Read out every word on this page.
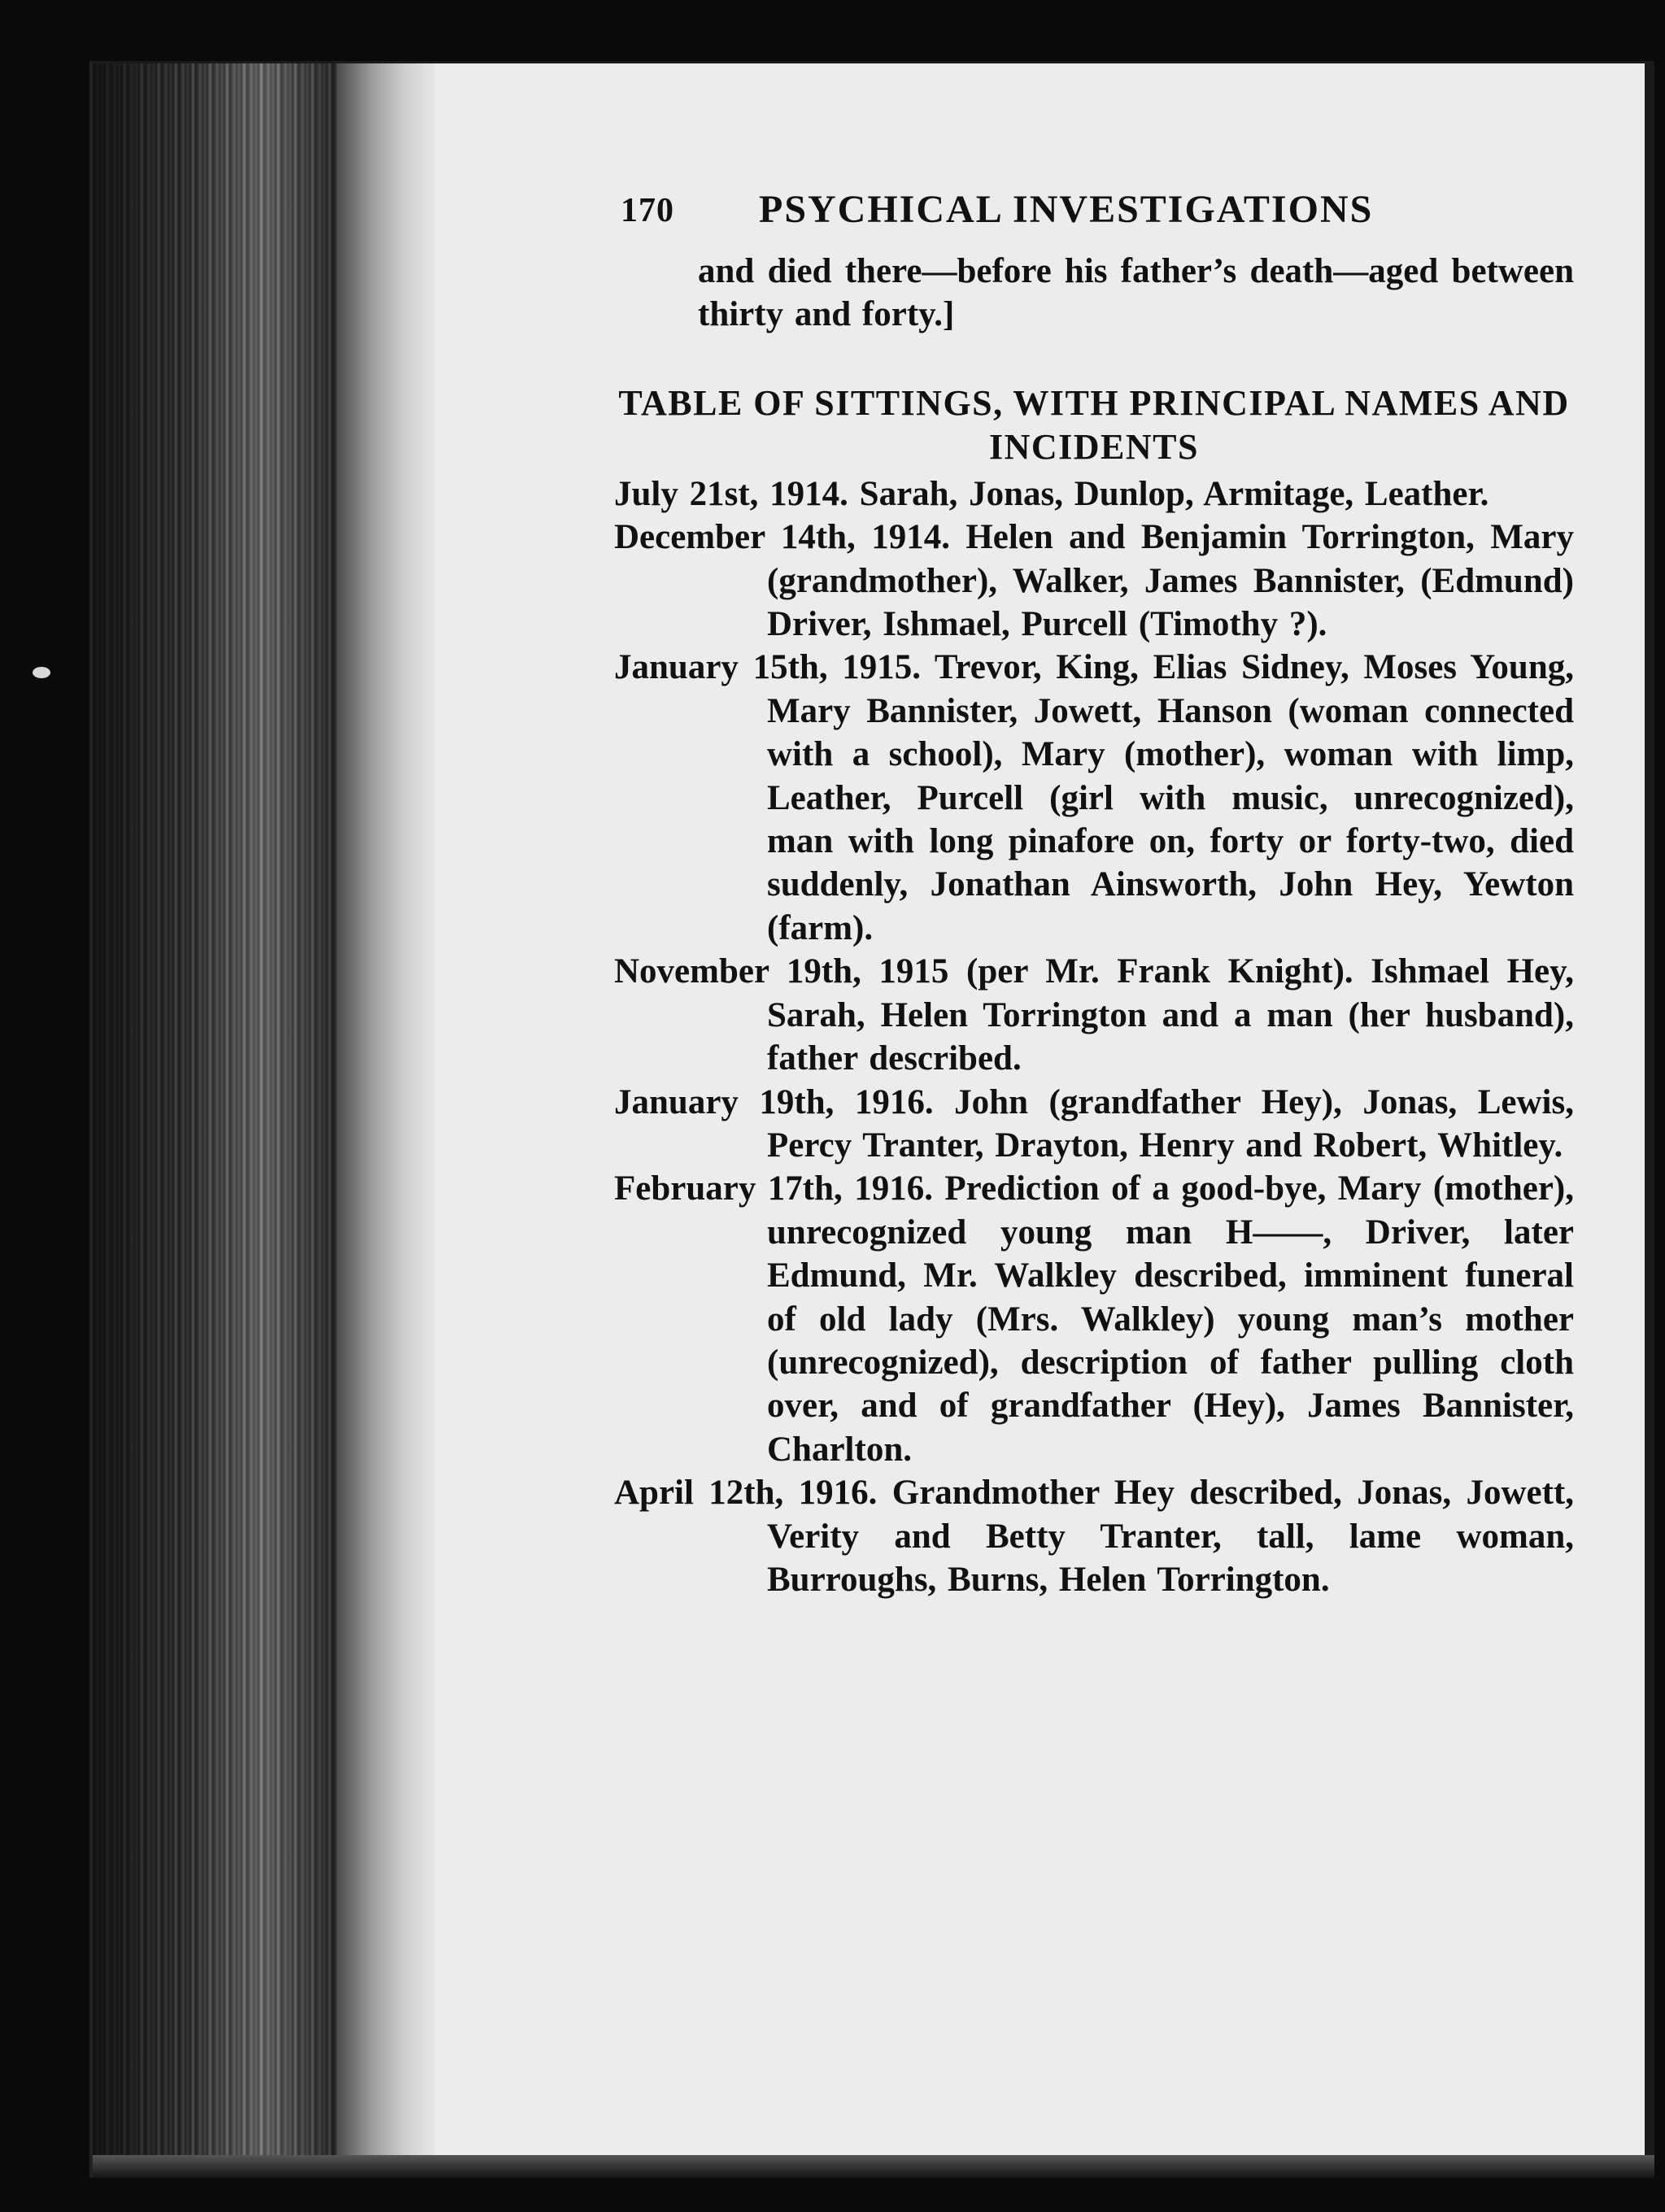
170 PSYCHICAL INVESTIGATIONS
and died there—before his father’s death—aged between thirty and forty.]
TABLE OF SITTINGS, WITH PRINCIPAL NAMES AND INCIDENTS

July 21st, 1914. Sarah, Jonas, Dunlop, Armitage, Leather.

December 14th, 1914. Helen and Benjamin Torrington, Mary (grandmother), Walker, James Bannister, (Edmund) Driver, Ishmael, Purcell (Timothy ?).

January 15th, 1915. Trevor, King, Elias Sidney, Moses Young, Mary Bannister, Jowett, Hanson (woman connected with a school), Mary (mother), woman with limp, Leather, Purcell (girl with music, unrecognized), man with long pinafore on, forty or forty-two, died suddenly, Jonathan Ainsworth, John Hey, Yewton (farm).

November 19th, 1915 (per Mr. Frank Knight). Ishmael Hey, Sarah, Helen Torrington and a man (her husband), father described.

January 19th, 1916. John (grandfather Hey), Jonas, Lewis, Percy Tranter, Drayton, Henry and Robert, Whitley.

February 17th, 1916. Prediction of a good-bye, Mary (mother), unrecognized young man H——, Driver, later Edmund, Mr. Walkley described, imminent funeral of old lady (Mrs. Walkley) young man’s mother (unrecognized), description of father pulling cloth over, and of grandfather (Hey), James Bannister, Charlton.

April 12th, 1916. Grandmother Hey described, Jonas, Jowett, Verity and Betty Tranter, tall, lame woman, Burroughs, Burns, Helen Torrington.
